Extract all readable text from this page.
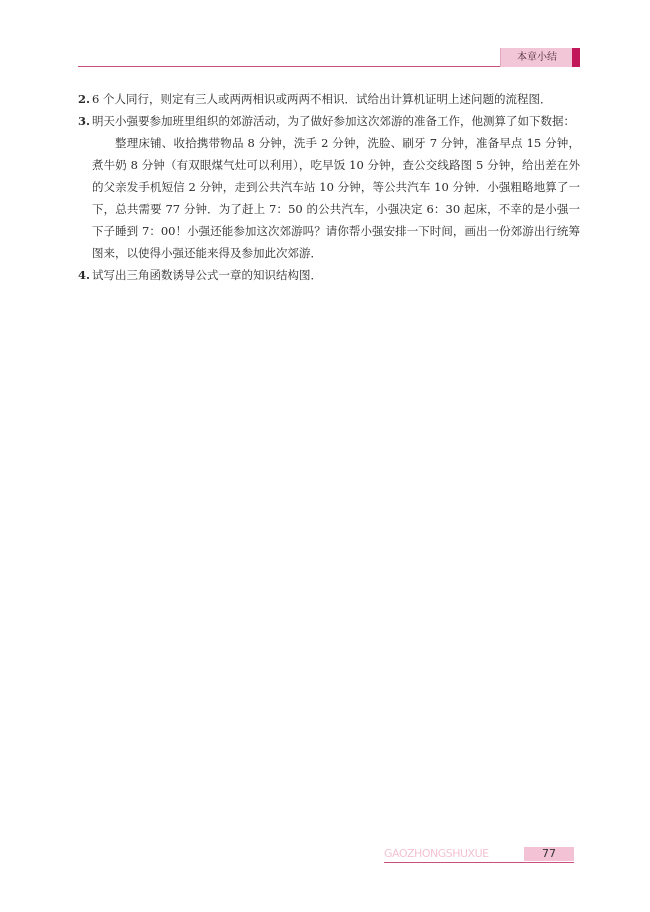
本章小结
2. 6 个人同行，则定有三人或两两相识或两两不相识．试给出计算机证明上述问题的流程图．
3. 明天小强要参加班里组织的郊游活动，为了做好参加这次郊游的准备工作，他测算了如下数据：
整理床铺、收拾携带物品 8 分钟，洗手 2 分钟，洗脸、刷牙 7 分钟，准备早点 15 分钟，煮牛奶 8 分钟（有双眼煤气灶可以利用），吃早饭 10 分钟，查公交线路图 5 分钟，给出差在外的父亲发手机短信 2 分钟，走到公共汽车站 10 分钟，等公共汽车 10 分钟．小强粗略地算了一下，总共需要 77 分钟．为了赶上 7：50 的公共汽车，小强决定 6：30 起床，不幸的是小强一下子睡到 7：00！小强还能参加这次郊游吗？请你帮小强安排一下时间，画出一份郊游出行统筹图来，以使得小强还能来得及参加此次郊游．
4. 试写出三角函数诱导公式一章的知识结构图．
GAOZHONGSHUXUE	77
